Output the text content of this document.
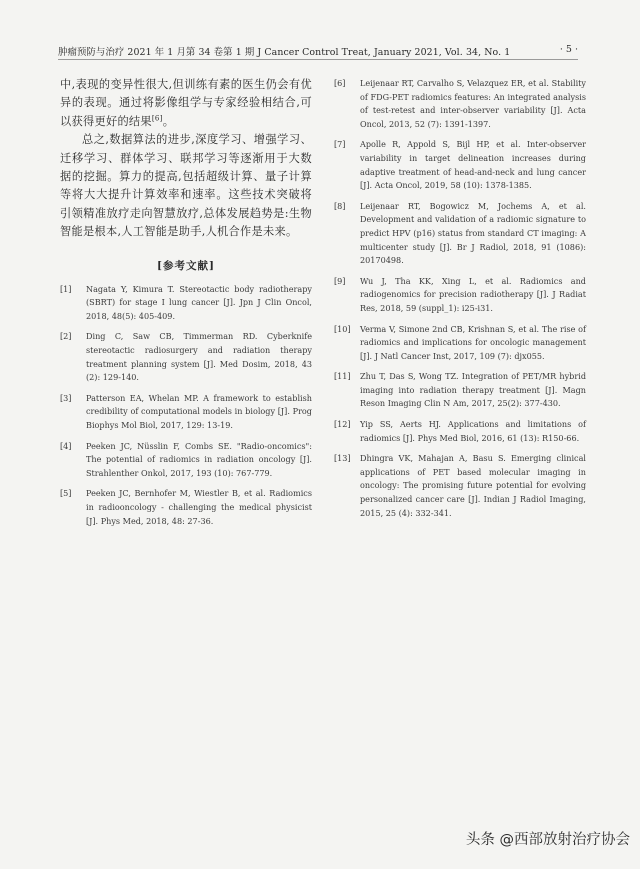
肿瘤预防与治疗 2021 年 1 月第 34 卷第 1 期 J Cancer Control Treat, January 2021, Vol. 34, No. 1	· 5 ·

中,表现的变异性很大,但训练有素的医生仍会有优异的表现。通过将影像组学与专家经验相结合,可以获得更好的结果[6]。

总之,数据算法的进步,深度学习、增强学习、迁移学习、群体学习、联邦学习等逐渐用于大数据的挖掘。算力的提高,包括超级计算、量子计算等将大大提升计算效率和速率。这些技术突破将引领精准放疗走向智慧放疗,总体发展趋势是:生物智能是根本,人工智能是助手,人机合作是未来。

[参考文献]
[1] Nagata Y, Kimura T. Stereotactic body radiotherapy (SBRT) for stage I lung cancer [J]. Jpn J Clin Oncol, 2018, 48(5): 405-409.
[2] Ding C, Saw CB, Timmerman RD. Cyberknife stereotactic radiosurgery and radiation therapy treatment planning system [J]. Med Dosim, 2018, 43 (2): 129-140.
[3] Patterson EA, Whelan MP. A framework to establish credibility of computational models in biology [J]. Prog Biophys Mol Biol, 2017, 129: 13-19.
[4] Peeken JC, Nüsslin F, Combs SE. "Radio-oncomics": The potential of radiomics in radiation oncology [J]. Strahlenther Onkol, 2017, 193 (10): 767-779.
[5] Peeken JC, Bernhofer M, Wiestler B, et al. Radiomics in radiooncology - challenging the medical physicist [J]. Phys Med, 2018, 48: 27-36.
[6] Leijenaar RT, Carvalho S, Velazquez ER, et al. Stability of FDG-PET radiomics features: An integrated analysis of test-retest and inter-observer variability [J]. Acta Oncol, 2013, 52 (7): 1391-1397.
[7] Apolle R, Appold S, Bijl HP, et al. Inter-observer variability in target delineation increases during adaptive treatment of head-and-neck and lung cancer [J]. Acta Oncol, 2019, 58 (10): 1378-1385.
[8] Leijenaar RT, Bogowicz M, Jochems A, et al. Development and validation of a radiomic signature to predict HPV (p16) status from standard CT imaging: A multicenter study [J]. Br J Radiol, 2018, 91 (1086): 20170498.
[9] Wu J, Tha KK, Xing L, et al. Radiomics and radiogenomics for precision radiotherapy [J]. J Radiat Res, 2018, 59 (suppl_1): i25-i31.
[10] Verma V, Simone 2nd CB, Krishnan S, et al. The rise of radiomics and implications for oncologic management [J]. J Natl Cancer Inst, 2017, 109 (7): djx055.
[11] Zhu T, Das S, Wong TZ. Integration of PET/MR hybrid imaging into radiation therapy treatment [J]. Magn Reson Imaging Clin N Am, 2017, 25(2): 377-430.
[12] Yip SS, Aerts HJ. Applications and limitations of radiomics [J]. Phys Med Biol, 2016, 61 (13): R150-66.
[13] Dhingra VK, Mahajan A, Basu S. Emerging clinical applications of PET based molecular imaging in oncology: The promising future potential for evolving personalized cancer care [J]. Indian J Radiol Imaging, 2015, 25 (4): 332-341.
头条 @西部放射治疗协会
